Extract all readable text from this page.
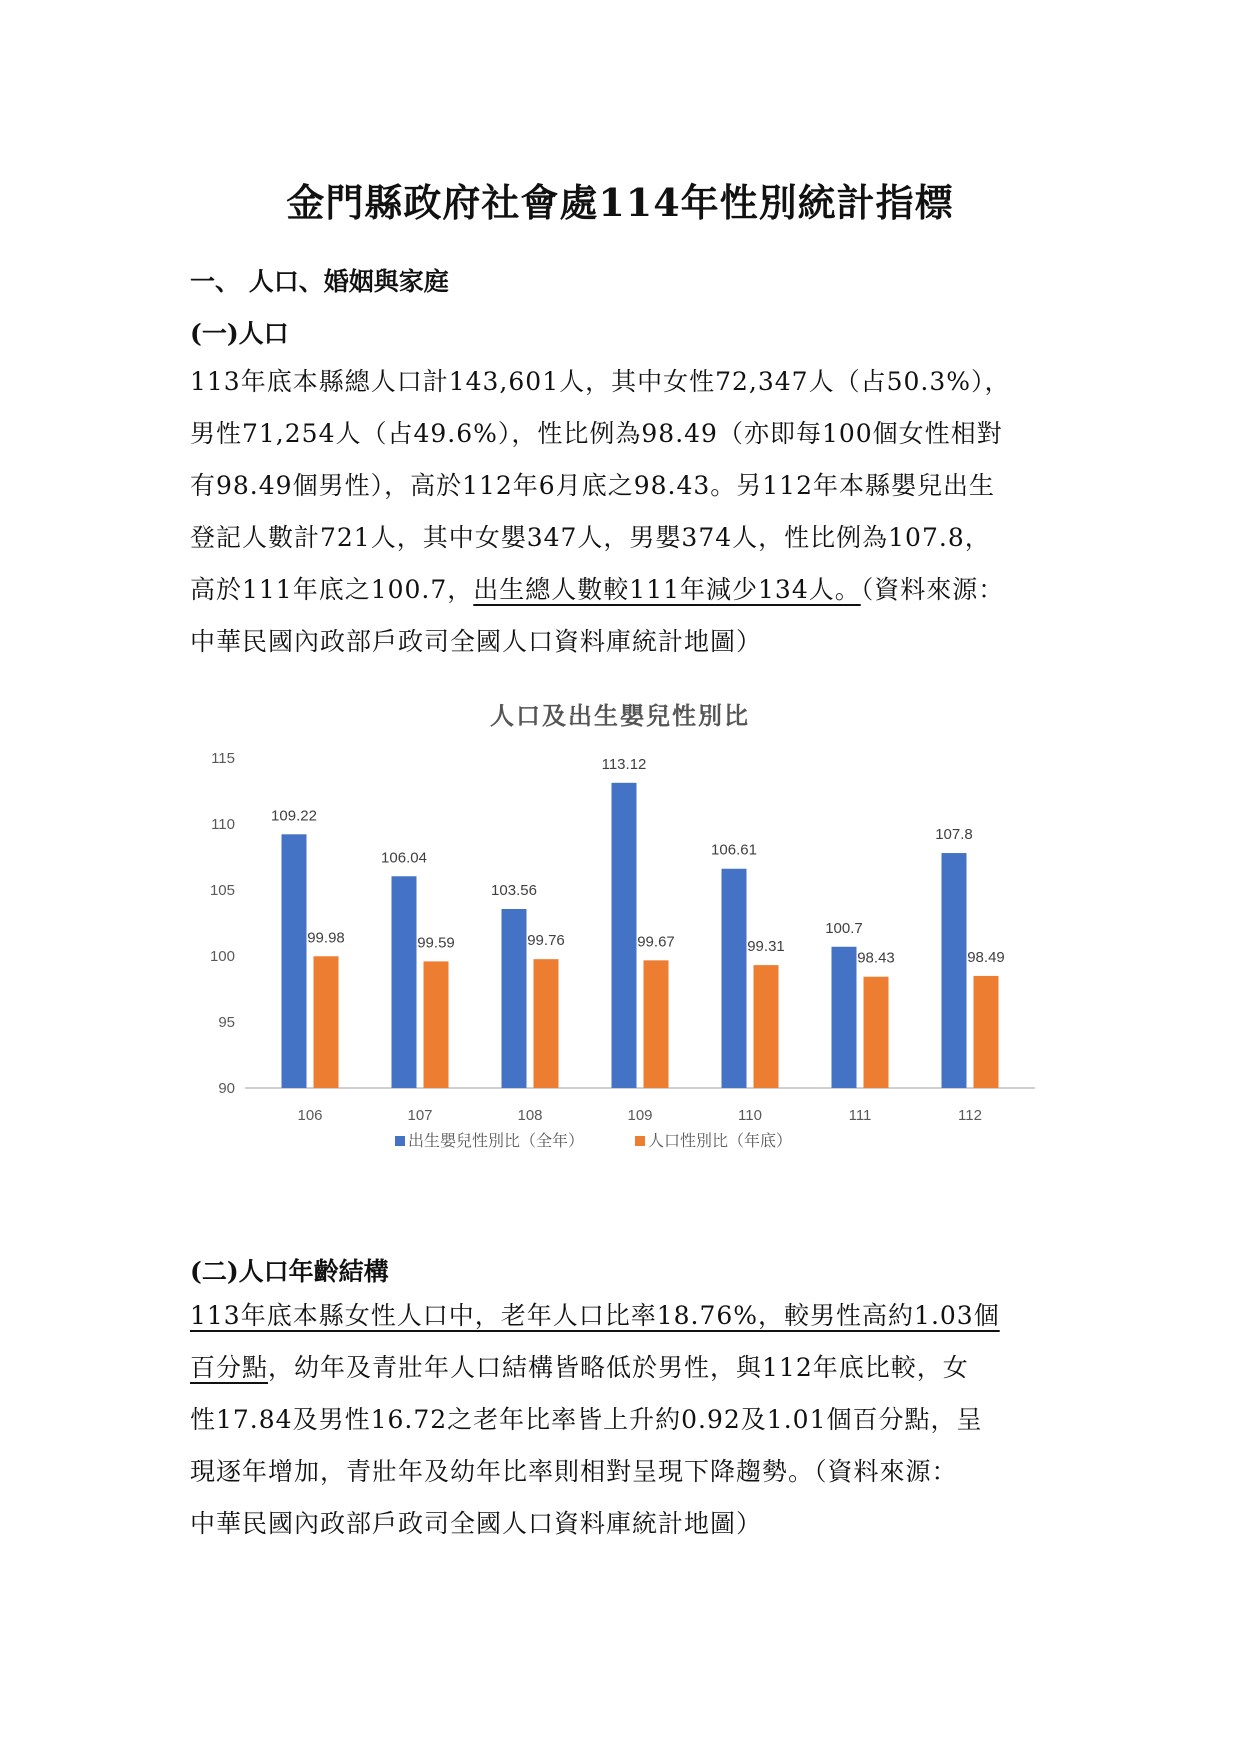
金門縣政府社會處114年性別統計指標
一、 人口、婚姻與家庭
(一)人口
113年底本縣總人口計143,601人，其中女性72,347人（占50.3%），
男性71,254人（占49.6%），性比例為98.49（亦即每100個女性相對
有98.49個男性），高於112年6月底之98.43。另112年本縣嬰兒出生
登記人數計721人，其中女嬰347人，男嬰374人，性比例為107.8，
高於111年底之100.7，出生總人數較111年減少134人。（資料來源：
中華民國內政部戶政司全國人口資料庫統計地圖）
人口及出生嬰兒性別比
90
95
100
105
110
115
106
109.22
99.98
107
106.04
99.59
108
103.56
99.76
109
113.12
99.67
110
106.61
99.31
111
100.7
98.43
112
107.8
98.49
出生嬰兒性別比（全年）	人口性別比（年底）
(二)人口年齡結構
113年底本縣女性人口中，老年人口比率18.76%，較男性高約1.03個
百分點，幼年及青壯年人口結構皆略低於男性，與112年底比較，女
性17.84及男性16.72之老年比率皆上升約0.92及1.01個百分點，呈
現逐年增加，青壯年及幼年比率則相對呈現下降趨勢。（資料來源：
中華民國內政部戶政司全國人口資料庫統計地圖）
